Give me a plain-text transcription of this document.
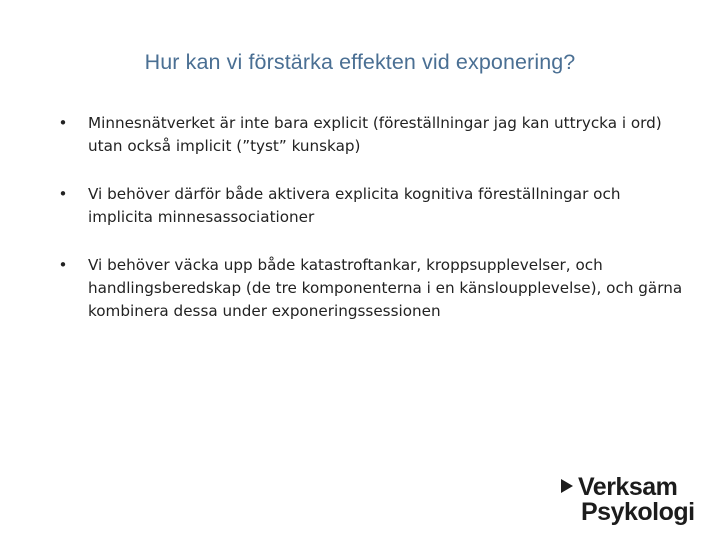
Hur kan vi förstärka effekten vid exponering?
• Minnesnätverket är inte bara explicit (föreställningar jag kan uttrycka i ord) utan också implicit (”tyst” kunskap)
• Vi behöver därför både aktivera explicita kognitiva föreställningar och implicita minnesassociationer
• Vi behöver väcka upp både katastroftankar, kroppsupplevelser, och handlingsberedskap (de tre komponenterna i en känsloupplevelse), och gärna kombinera dessa under exponeringssessionen
Verksam
Psykologi
